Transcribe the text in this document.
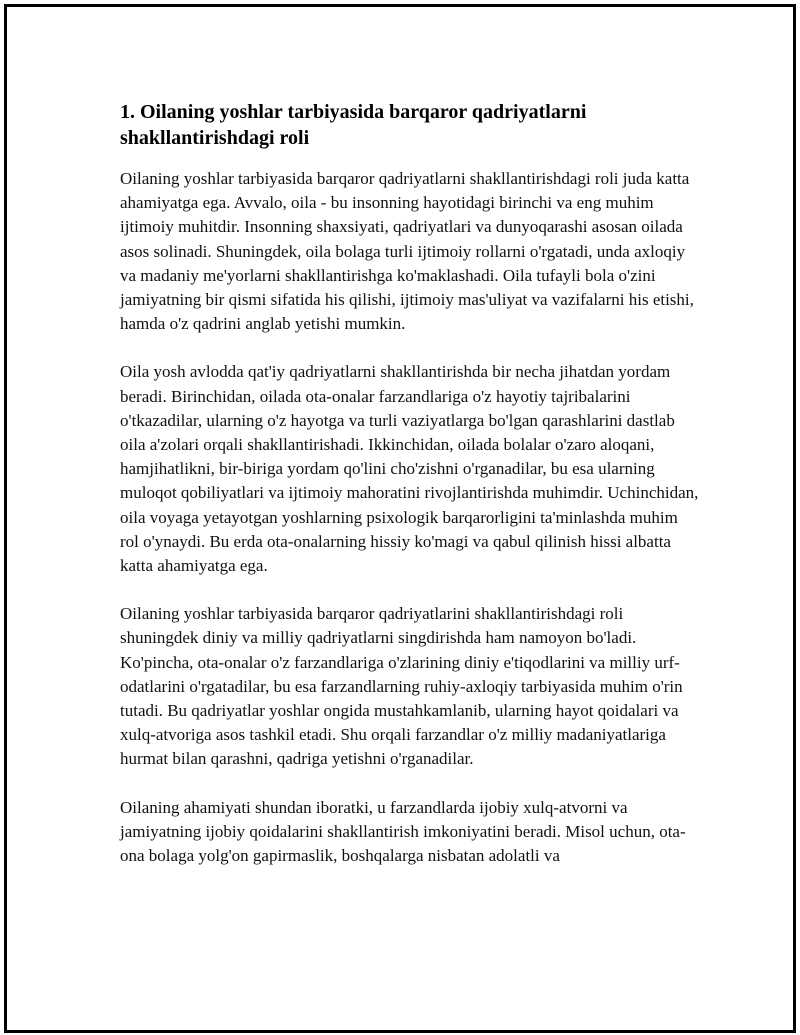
1. Oilaning yoshlar tarbiyasida barqaror qadriyatlarni shakllantirishdagi roli

Oilaning yoshlar tarbiyasida barqaror qadriyatlarni shakllantirishdagi roli juda katta ahamiyatga ega. Avvalo, oila - bu insonning hayotidagi birinchi va eng muhim ijtimoiy muhitdir. Insonning shaxsiyati, qadriyatlari va dunyoqarashi asosan oilada asos solinadi. Shuningdek, oila bolaga turli ijtimoiy rollarni o'rgatadi, unda axloqiy va madaniy me'yorlarni shakllantirishga ko'maklashadi. Oila tufayli bola o'zini jamiyatning bir qismi sifatida his qilishi, ijtimoiy mas'uliyat va vazifalarni his etishi, hamda o'z qadrini anglab yetishi mumkin.

Oila yosh avlodda qat'iy qadriyatlarni shakllantirishda bir necha jihatdan yordam beradi. Birinchidan, oilada ota-onalar farzandlariga o'z hayotiy tajribalarini o'tkazadilar, ularning o'z hayotga va turli vaziyatlarga bo'lgan qarashlarini dastlab oila a'zolari orqali shakllantirishadi. Ikkinchidan, oilada bolalar o'zaro aloqani, hamjihatlikni, bir-biriga yordam qo'lini cho'zishni o'rganadilar, bu esa ularning muloqot qobiliyatlari va ijtimoiy mahoratini rivojlantirishda muhimdir. Uchinchidan, oila voyaga yetayotgan yoshlarning psixologik barqarorligini ta'minlashda muhim rol o'ynaydi. Bu erda ota-onalarning hissiy ko'magi va qabul qilinish hissi albatta katta ahamiyatga ega.

Oilaning yoshlar tarbiyasida barqaror qadriyatlarini shakllantirishdagi roli shuningdek diniy va milliy qadriyatlarni singdirishda ham namoyon bo'ladi. Ko'pincha, ota-onalar o'z farzandlariga o'zlarining diniy e'tiqodlarini va milliy urf-odatlarini o'rgatadilar, bu esa farzandlarning ruhiy-axloqiy tarbiyasida muhim o'rin tutadi. Bu qadriyatlar yoshlar ongida mustahkamlanib, ularning hayot qoidalari va xulq-atvoriga asos tashkil etadi. Shu orqali farzandlar o'z milliy madaniyatlariga hurmat bilan qarashni, qadriga yetishni o'rganadilar.

Oilaning ahamiyati shundan iboratki, u farzandlarda ijobiy xulq-atvorni va jamiyatning ijobiy qoidalarini shakllantirish imkoniyatini beradi. Misol uchun, ota-ona bolaga yolg'on gapirmaslik, boshqalarga nisbatan adolatli va
